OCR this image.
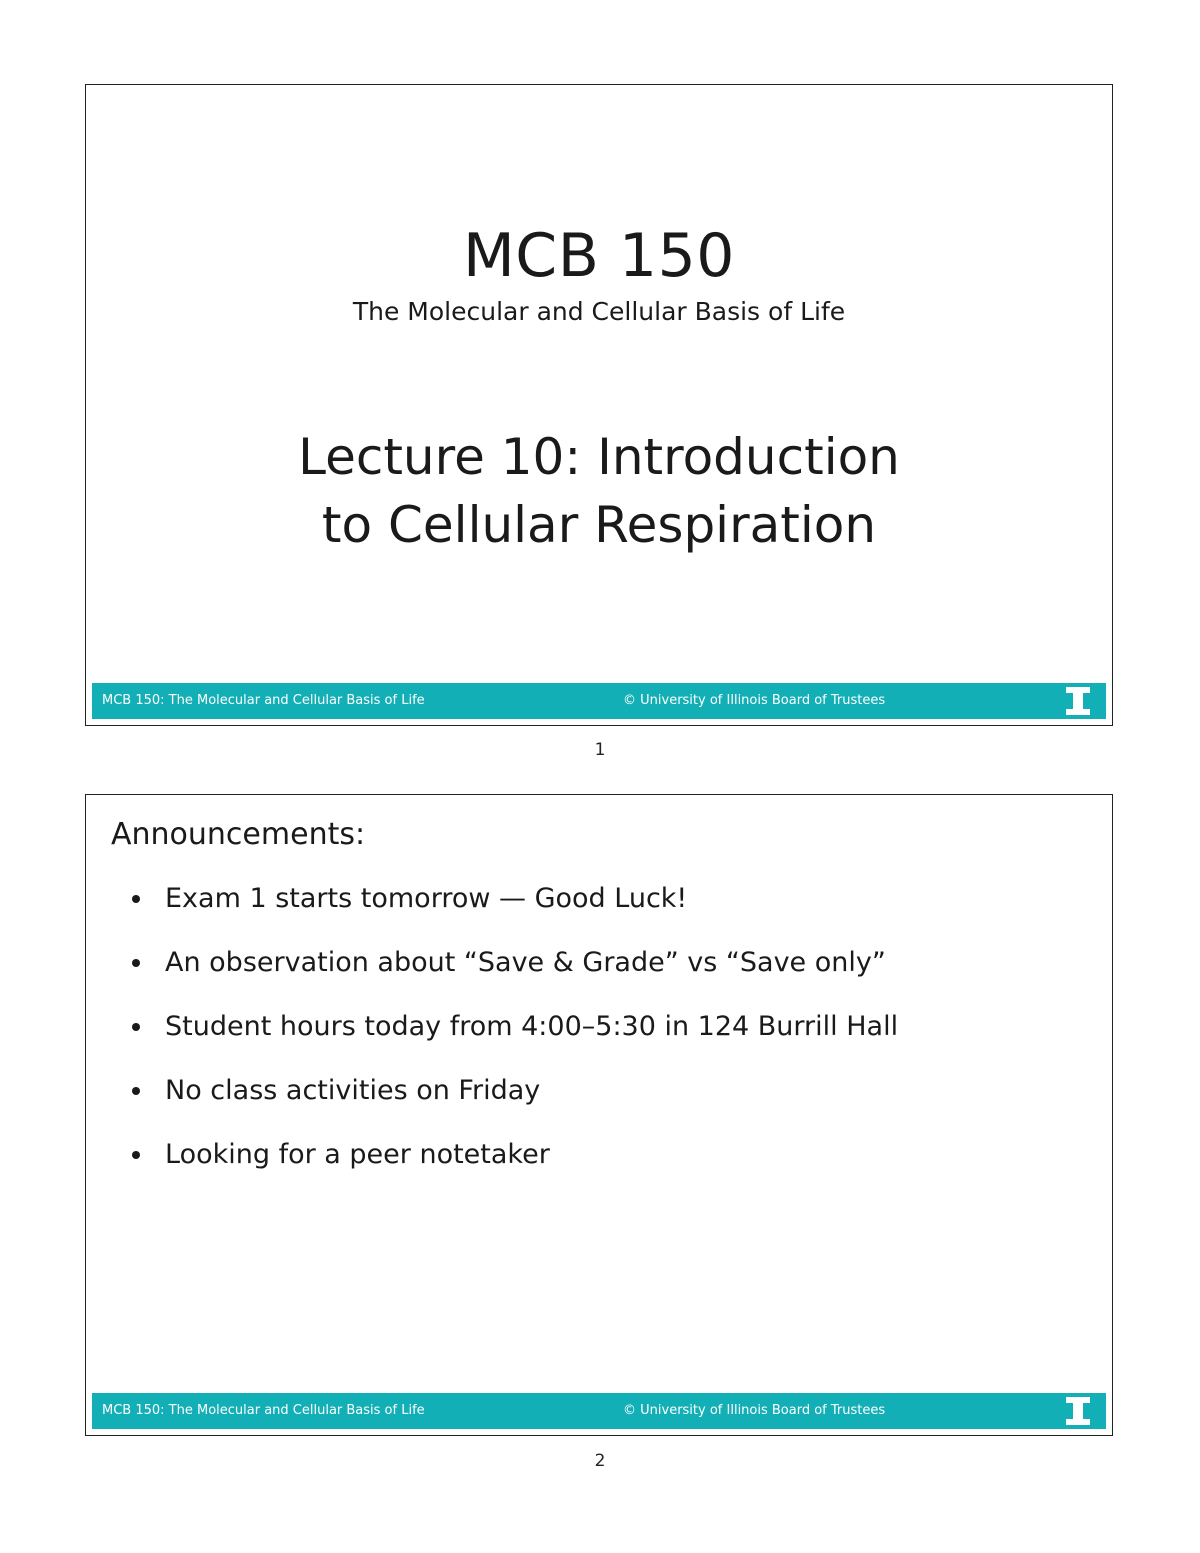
MCB 150
The Molecular and Cellular Basis of Life
Lecture 10: Introduction
to Cellular Respiration
MCB 150: The Molecular and Cellular Basis of Life	© University of Illinois Board of Trustees
1
Announcements:
Exam 1 starts tomorrow — Good Luck!
An observation about “Save & Grade” vs “Save only”
Student hours today from 4:00–5:30 in 124 Burrill Hall
No class activities on Friday
Looking for a peer notetaker
MCB 150: The Molecular and Cellular Basis of Life	© University of Illinois Board of Trustees
2
